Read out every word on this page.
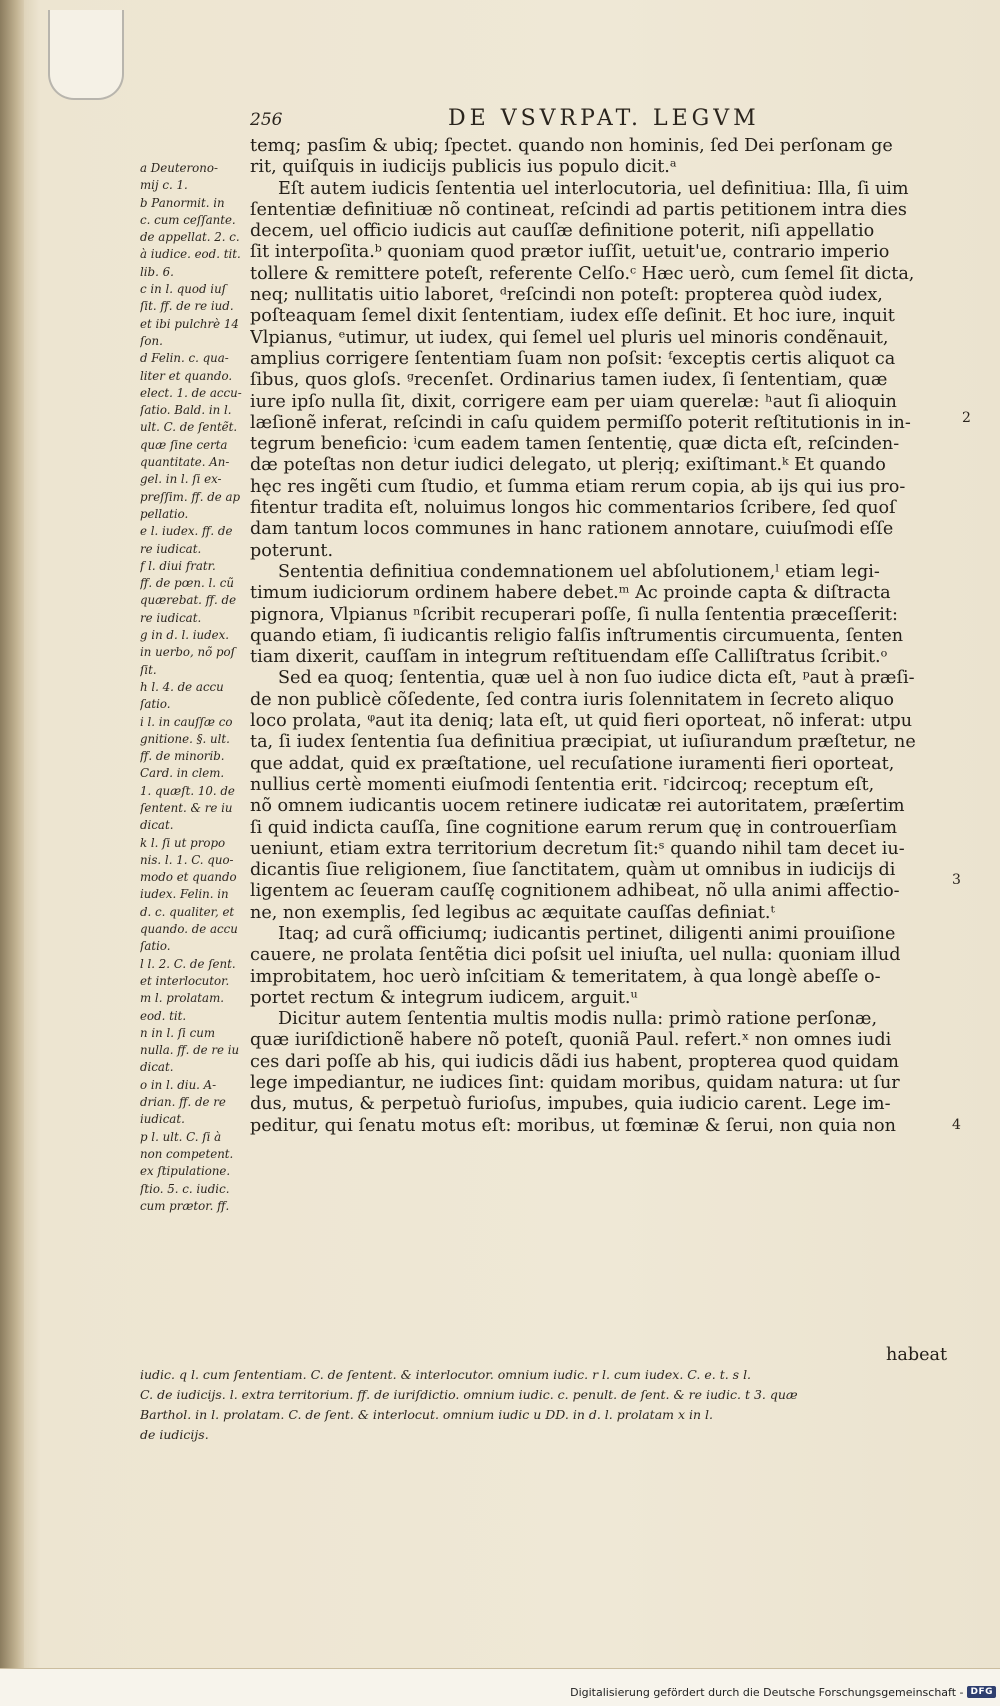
256	DE VSVRPAT. LEGVM
a Deuterono-
mij c. 1.
b Panormit. in
c. cum ceſſante.
de appellat. 2. c.
à iudice. eod. tit.
lib. 6.
c in l. quod iuſ
ſit. ff. de re iud.
et ibi pulchrè 14
ſon.
d Felin. c. qua-
liter et quando.
elect. 1. de accu-
ſatio. Bald. in l.
ult. C. de ſentẽt.
quæ ſine certa
quantitate. An-
gel. in l. ſi ex-
preſſim. ff. de ap
pellatio.
e l. iudex. ff. de
re iudicat.
f l. diui fratr.
ff. de pœn. l. cũ
quærebat. ff. de
re iudicat.
g in d. l. iudex.
in uerbo, nõ poſ
ſit.
h l. 4. de accu
ſatio.
i l. in cauſſæ co
gnitione. §. ult.
ff. de minorib.
Card. in clem.
1. quæſt. 10. de
ſentent. & re iu
dicat.
k l. ſi ut propo
nis. l. 1. C. quo-
modo et quando
iudex. Felin. in
d. c. qualiter, et
quando. de accu
ſatio.
l l. 2. C. de ſent.
et interlocutor.
m l. prolatam.
eod. tit.
n in l. ſi cum
nulla. ff. de re iu
dicat.
o in l. diu. A-
drian. ff. de re
iudicat.
p l. ult. C. ſi à
non competent.
ex ſtipulatione.
ſtio. 5. c. iudic.
cum prætor. ff.
temq; pasſim & ubiq; ſpectet. quando non hominis, ſed Dei perſonam ge
rit, quiſquis in iudicijs publicis ius populo dicit.ᵃ
Eſt autem iudicis ſententia uel interlocutoria, uel definitiua: Illa, ſi uim
ſententiæ definitiuæ nõ contineat, reſcindi ad partis petitionem intra dies
decem, uel officio iudicis aut cauſſæ definitione poterit, niſi appellatio
ſit interpoſita.ᵇ quoniam quod prætor iuſſit, uetuit'ue, contrario imperio
tollere & remittere poteſt, referente Celſo.ᶜ Hæc uerò, cum ſemel ſit dicta,
neq; nullitatis uitio laboret, ᵈreſcindi non poteſt: propterea quòd iudex,
poſteaquam ſemel dixit ſententiam, iudex eſſe deſinit. Et hoc iure, inquit
Vlpianus, ᵉutimur, ut iudex, qui ſemel uel pluris uel minoris condẽnauit,
amplius corrigere ſententiam ſuam non poſsit: ᶠexceptis certis aliquot ca
ſibus, quos gloſs. ᵍrecenſet. Ordinarius tamen iudex, ſi ſententiam, quæ
iure ipſo nulla ſit, dixit, corrigere eam per uiam querelæ: ʰaut ſi alioquin
læſionẽ inferat, reſcindi in caſu quidem permiſſo poterit reſtitutionis in in-
tegrum beneficio: ⁱcum eadem tamen ſententię, quæ dicta eſt, reſcinden-
dæ poteſtas non detur iudici delegato, ut plerịq; exiſtimant.ᵏ Et quando
hęc res ingẽti cum ſtudio, et ſumma etiam rerum copia, ab ijs qui ius pro-
fitentur tradita eſt, noluimus longos hic commentarios ſcribere, ſed quoſ
dam tantum locos communes in hanc rationem annotare, cuiuſmodi eſſe
poterunt.
Sententia definitiua condemnationem uel abſolutionem,ˡ etiam legi-
timum iudiciorum ordinem habere debet.ᵐ Ac proinde capta & diſtracta
pignora, Vlpianus ⁿſcribit recuperari poſſe, ſi nulla ſententia præceſſerit:
quando etiam, ſi iudicantis religio falſis inſtrumentis circumuenta, ſenten
tiam dixerit, cauſſam in integrum reſtituendam eſſe Calliſtratus ſcribit.ᵒ
Sed ea quoq; ſententia, quæ uel à non ſuo iudice dicta eſt, ᵖaut à præſi-
de non publicè cõſedente, ſed contra iuris ſolennitatem in ſecreto aliquo
loco prolata, ᵠaut ita deniq; lata eſt, ut quid fieri oporteat, nõ inferat: utpu
ta, ſi iudex ſententia ſua definitiua præcipiat, ut iuſiurandum præſtetur, ne
que addat, quid ex præſtatione, uel recuſatione iuramenti fieri oporteat,
nullius certè momenti eiuſmodi ſententia erit. ʳidcircoq; receptum eſt,
nõ omnem iudicantis uocem retinere iudicatæ rei autoritatem, præſertim
ſi quid indicta cauſſa, ſine cognitione earum rerum quę in controuerſiam
ueniunt, etiam extra territorium decretum ſit:ˢ quando nihil tam decet iu-
dicantis ſiue religionem, ſiue ſanctitatem, quàm ut omnibus in iudicijs di
ligentem ac ſeueram cauſſę cognitionem adhibeat, nõ ulla animi affectio-
ne, non exemplis, ſed legibus ac æquitate cauſſas definiat.ᵗ
Itaq; ad curã officiumq; iudicantis pertinet, diligenti animi prouiſione
cauere, ne prolata ſentẽtia dici poſsit uel iniuſta, uel nulla: quoniam illud
improbitatem, hoc uerò inſcitiam & temeritatem, à qua longè abeſſe o-
portet rectum & integrum iudicem, arguit.ᵘ
Dicitur autem ſententia multis modis nulla: primò ratione perſonæ,
quæ iuriſdictionẽ habere nõ poteſt, quoniã Paul. refert.ˣ non omnes iudi
ces dari poſſe ab his, qui iudicis dãdi ius habent, propterea quod quidam
lege impediantur, ne iudices ſint: quidam moribus, quidam natura: ut ſur
dus, mutus, & perpetuò furioſus, impubes, quia iudicio carent. Lege im-
peditur, qui ſenatu motus eſt: moribus, ut fœminæ & ſerui, non quia non
2
3
4
habeat
iudic. q l. cum ſententiam. C. de ſentent. & interlocutor. omnium iudic. r l. cum iudex. C. e. t. s l.
C. de iudicijs. l. extra territorium. ff. de iuriſdictio. omnium iudic. c. penult. de ſent. & re iudic. t 3. quæ
Barthol. in l. prolatam. C. de ſent. & interlocut. omnium iudic u DD. in d. l. prolatam x in l.
de iudicijs.
Digitalisierung gefördert durch die Deutsche Forschungsgemeinschaft - DFG
